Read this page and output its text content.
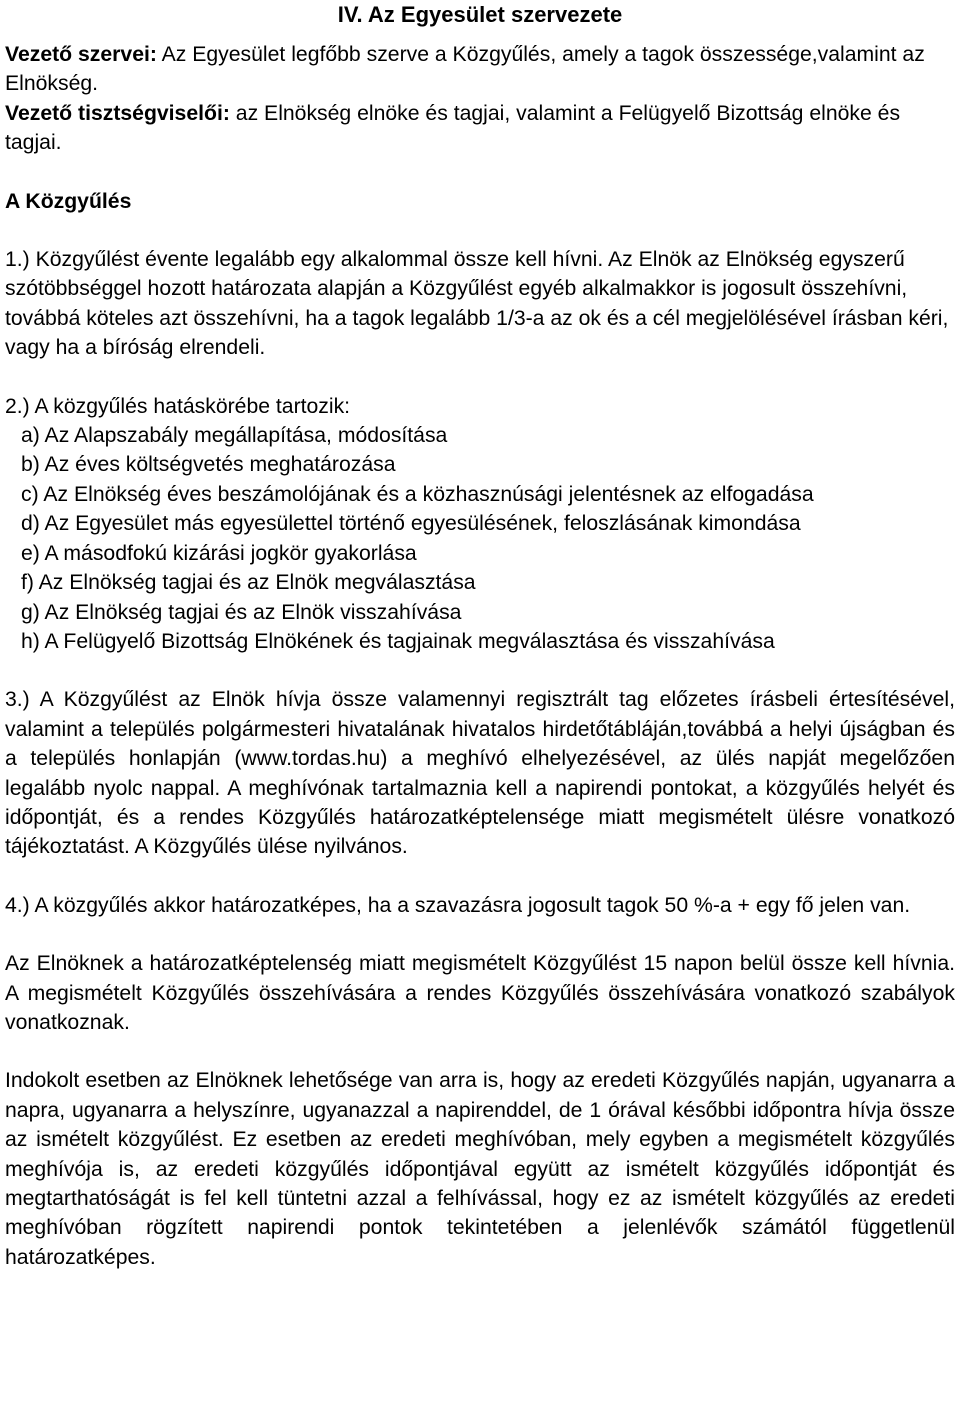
IV. Az Egyesület szervezete

Vezető szervei: Az Egyesület legfőbb szerve a Közgyűlés, amely a tagok összessége,valamint az Elnökség.

Vezető tisztségviselői: az Elnökség elnöke és tagjai, valamint a Felügyelő Bizottság elnöke és tagjai.

A Közgyűlés

1.) Közgyűlést évente legalább egy alkalommal össze kell hívni. Az Elnök az Elnökség egyszerű szótöbbséggel hozott határozata alapján a Közgyűlést egyéb alkalmakkor is jogosult összehívni, továbbá köteles azt összehívni, ha a tagok legalább 1/3-a az ok és a cél megjelölésével írásban kéri, vagy ha a bíróság elrendeli.

2.) A közgyűlés hatáskörébe tartozik:

a) Az Alapszabály megállapítása, módosítása

b) Az éves költségvetés meghatározása

c) Az Elnökség éves beszámolójának és a közhasznúsági jelentésnek az elfogadása

d) Az Egyesület más egyesülettel történő egyesülésének, feloszlásának kimondása

e) A másodfokú kizárási jogkör gyakorlása

f) Az Elnökség tagjai és az Elnök megválasztása

g) Az Elnökség tagjai és az Elnök visszahívása

h) A Felügyelő Bizottság Elnökének és tagjainak megválasztása és visszahívása

3.) A Közgyűlést az Elnök hívja össze valamennyi regisztrált tag előzetes írásbeli értesítésével, valamint a település polgármesteri hivatalának hivatalos hirdetőtábláján,továbbá a helyi újságban és a település honlapján (www.tordas.hu) a meghívó elhelyezésével, az ülés napját megelőzően legalább nyolc nappal. A meghívónak tartalmaznia kell a napirendi pontokat, a közgyűlés helyét és időpontját, és a rendes Közgyűlés határozatképtelensége miatt megismételt ülésre vonatkozó tájékoztatást. A Közgyűlés ülése nyilvános.

4.) A közgyűlés akkor határozatképes, ha a szavazásra jogosult tagok 50 %-a + egy fő jelen van.

Az Elnöknek a határozatképtelenség miatt megismételt Közgyűlést 15 napon belül össze kell hívnia. A megismételt Közgyűlés összehívására a rendes Közgyűlés összehívására vonatkozó szabályok vonatkoznak.

Indokolt esetben az Elnöknek lehetősége van arra is, hogy az eredeti Közgyűlés napján, ugyanarra a napra, ugyanarra a helyszínre, ugyanazzal a napirenddel, de 1 órával későbbi időpontra hívja össze az ismételt közgyűlést. Ez esetben az eredeti meghívóban, mely egyben a megismételt közgyűlés meghívója is, az eredeti közgyűlés időpontjával együtt az ismételt közgyűlés időpontját és megtarthatóságát is fel kell tüntetni azzal a felhívással, hogy ez az ismételt közgyűlés az eredeti meghívóban rögzített napirendi pontok tekintetében a jelenlévők számától függetlenül határozatképes.
